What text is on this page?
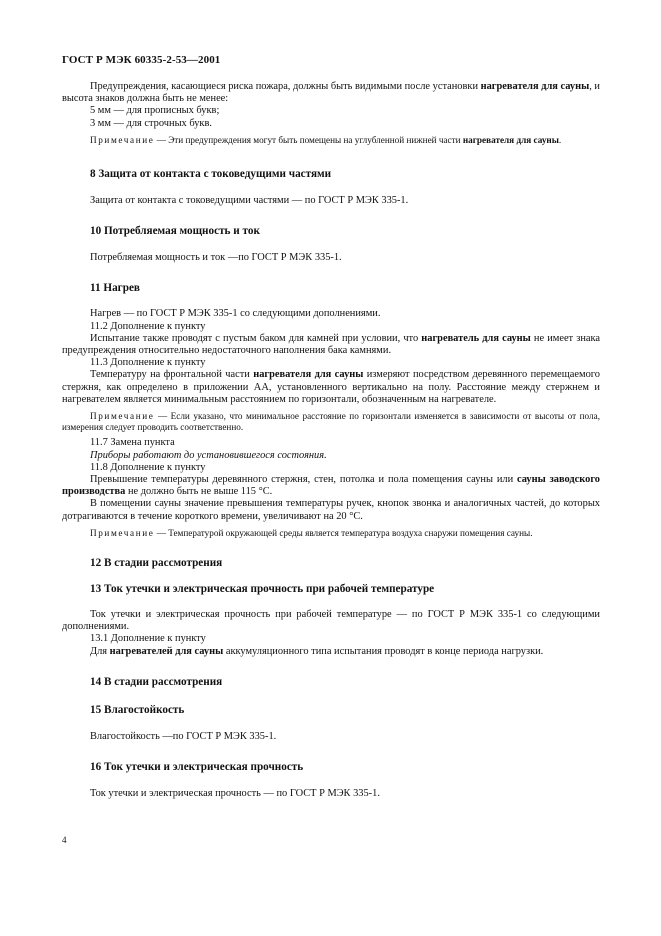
ГОСТ Р МЭК 60335-2-53—2001

Предупреждения, касающиеся риска пожара, должны быть видимыми после установки нагревателя для сауны, и высота знаков должна быть не менее:

5 мм — для прописных букв;

3 мм — для строчных букв.

Примечание — Эти предупреждения могут быть помещены на углубленной нижней части нагревателя для сауны.

8 Защита от контакта с токоведущими частями

Защита от контакта с токоведущими частями — по ГОСТ Р МЭК 335-1.

10 Потребляемая мощность и ток

Потребляемая мощность и ток —по ГОСТ Р МЭК 335-1.

11 Нагрев

Нагрев — по ГОСТ Р МЭК 335-1 со следующими дополнениями.

11.2 Дополнение к пункту

Испытание также проводят с пустым баком для камней при условии, что нагреватель для сауны не имеет знака предупреждения относительно недостаточного наполнения бака камнями.

11.3 Дополнение к пункту

Температуру на фронтальной части нагревателя для сауны измеряют посредством деревянного перемещаемого стержня, как определено в приложении АА, установленного вертикально на полу. Расстояние между стержнем и нагревателем является минимальным расстоянием по горизонтали, обозначенным на нагревателе.

Примечание — Если указано, что минимальное расстояние по горизонтали изменяется в зависимости от высоты от пола, измерения следует проводить соответственно.

11.7 Замена пункта

Приборы работают до установившегося состояния.

11.8 Дополнение к пункту

Превышение температуры деревянного стержня, стен, потолка и пола помещения сауны или сауны заводского производства не должно быть не выше 115 °С.

В помещении сауны значение превышения температуры ручек, кнопок звонка и аналогичных частей, до которых дотрагиваются в течение короткого времени, увеличивают на 20 °С.

Примечание — Температурой окружающей среды является температура воздуха снаружи помещения сауны.

12 В стадии рассмотрения

13 Ток утечки и электрическая прочность при рабочей температуре

Ток утечки и электрическая прочность при рабочей температуре — по ГОСТ Р МЭК 335-1 со следующими дополнениями.

13.1 Дополнение к пункту

Для нагревателей для сауны аккумуляционного типа испытания проводят в конце периода нагрузки.

14 В стадии рассмотрения

15 Влагостойкость

Влагостойкость —по ГОСТ Р МЭК 335-1.

16 Ток утечки и электрическая прочность

Ток утечки и электрическая прочность — по ГОСТ Р МЭК 335-1.

4
